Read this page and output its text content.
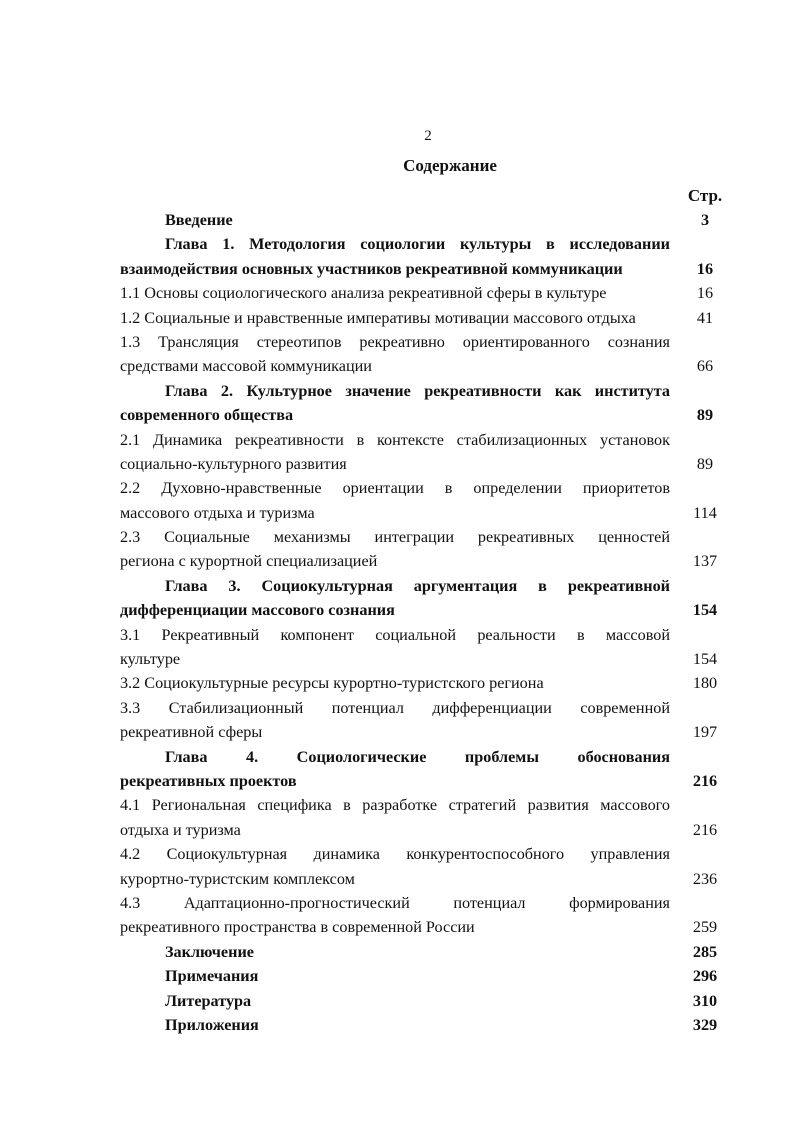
2
Содержание
Стр.
Введение	3
Глава 1. Методология социологии культуры в исследовании
взаимодействия основных участников рекреативной коммуникации	16
1.1 Основы социологического анализа рекреативной сферы в культуре	16
1.2 Социальные и нравственные императивы мотивации массового отдыха	41
1.3 Трансляция стереотипов рекреативно ориентированного сознания
средствами массовой коммуникации	66
Глава 2. Культурное значение рекреативности как института
современного общества	89
2.1 Динамика рекреативности в контексте стабилизационных установок
социально-культурного развития	89
2.2 Духовно-нравственные ориентации в определении приоритетов
массового отдыха и туризма	114
2.3 Социальные механизмы интеграции рекреативных ценностей
региона с курортной специализацией	137
Глава 3. Социокультурная аргументация в рекреативной
дифференциации массового сознания	154
3.1 Рекреативный компонент социальной реальности в массовой
культуре	154
3.2 Социокультурные ресурсы курортно-туристского региона	180
3.3 Стабилизационный потенциал дифференциации современной
рекреативной сферы	197
Глава 4. Социологические проблемы обоснования
рекреативных проектов	216
4.1 Региональная специфика в разработке стратегий развития массового
отдыха и туризма	216
4.2 Социокультурная динамика конкурентоспособного управления
курортно-туристским комплексом	236
4.3 Адаптационно-прогностический потенциал формирования
рекреативного пространства в современной России	259
Заключение	285
Примечания	296
Литература	310
Приложения	329
